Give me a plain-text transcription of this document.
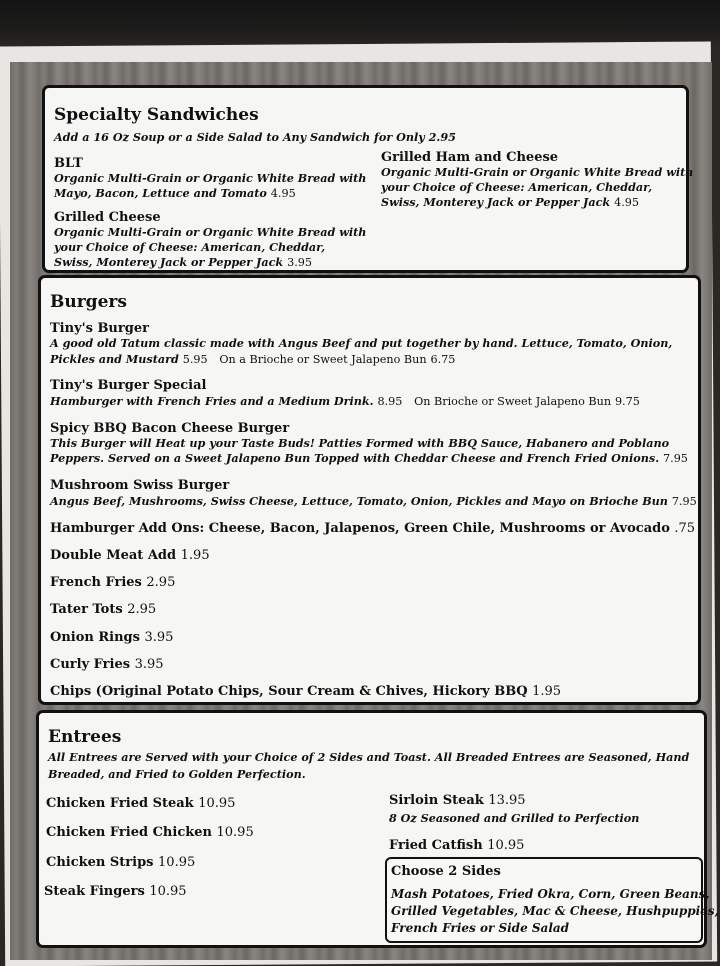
Specialty Sandwiches
Add a 16 Oz Soup or a Side Salad to Any Sandwich for Only 2.95
BLT
Organic Multi-Grain or Organic White Bread with
Mayo, Bacon, Lettuce and Tomato 4.95
Grilled Cheese
Organic Multi-Grain or Organic White Bread with
your Choice of Cheese: American, Cheddar,
Swiss, Monterey Jack or Pepper Jack 3.95
Grilled Ham and Cheese
Organic Multi-Grain or Organic White Bread with
your Choice of Cheese: American, Cheddar,
Swiss, Monterey Jack or Pepper Jack 4.95
Burgers
Tiny's Burger
A good old Tatum classic made with Angus Beef and put together by hand. Lettuce, Tomato, Onion,
Pickles and Mustard 5.95 On a Brioche or Sweet Jalapeno Bun 6.75
Tiny's Burger Special
Hamburger with French Fries and a Medium Drink. 8.95 On Brioche or Sweet Jalapeno Bun 9.75
Spicy BBQ Bacon Cheese Burger
This Burger will Heat up your Taste Buds! Patties Formed with BBQ Sauce, Habanero and Poblano
Peppers. Served on a Sweet Jalapeno Bun Topped with Cheddar Cheese and French Fried Onions. 7.95
Mushroom Swiss Burger
Angus Beef, Mushrooms, Swiss Cheese, Lettuce, Tomato, Onion, Pickles and Mayo on Brioche Bun 7.95
Hamburger Add Ons: Cheese, Bacon, Jalapenos, Green Chile, Mushrooms or Avocado .75
Double Meat Add 1.95
French Fries 2.95
Tater Tots 2.95
Onion Rings 3.95
Curly Fries 3.95
Chips (Original Potato Chips, Sour Cream & Chives, Hickory BBQ 1.95
Entrees
All Entrees are Served with your Choice of 2 Sides and Toast. All Breaded Entrees are Seasoned, Hand
Breaded, and Fried to Golden Perfection.
Chicken Fried Steak 10.95
Chicken Fried Chicken 10.95
Chicken Strips 10.95
Steak Fingers 10.95
Sirloin Steak 13.95
8 Oz Seasoned and Grilled to Perfection
Fried Catfish 10.95
Choose 2 Sides
Mash Potatoes, Fried Okra, Corn, Green Beans,
Grilled Vegetables, Mac & Cheese, Hushpuppies,
French Fries or Side Salad
